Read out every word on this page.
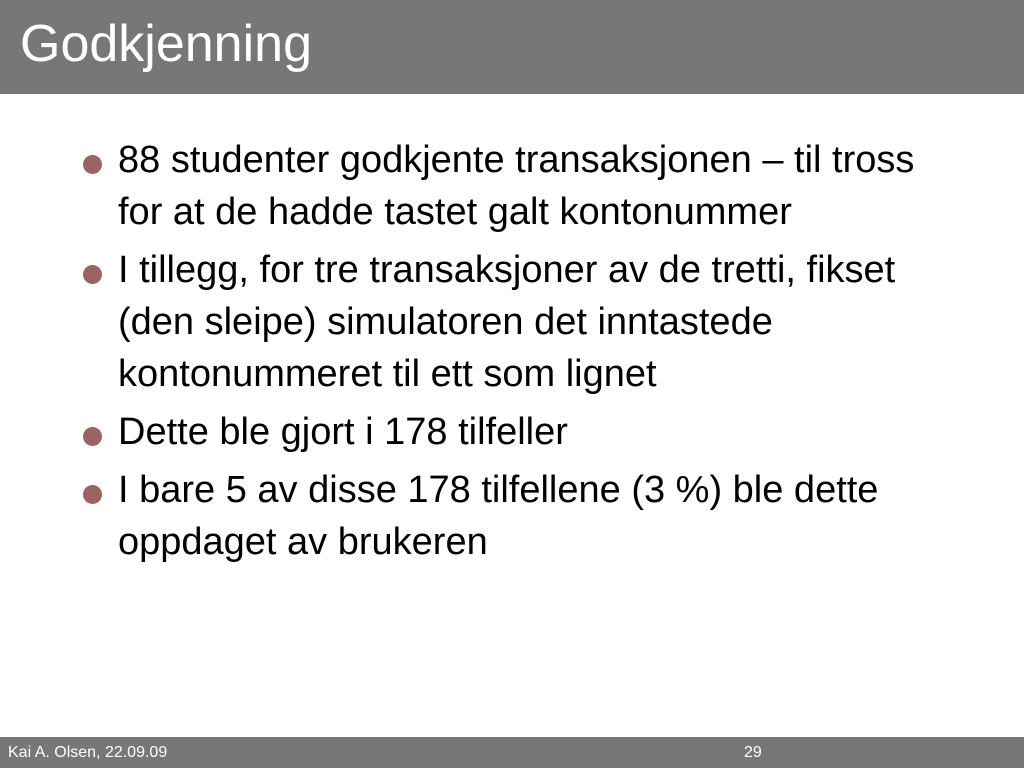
Godkjenning
88 studenter godkjente transaksjonen – til tross for at de hadde tastet galt kontonummer
I tillegg, for tre transaksjoner av de tretti, fikset (den sleipe) simulatoren det inntastede kontonummeret til ett som lignet
Dette ble gjort i 178 tilfeller
I bare 5 av disse 178 tilfellene (3 %) ble dette oppdaget av brukeren
Kai A. Olsen, 22.09.09	29
